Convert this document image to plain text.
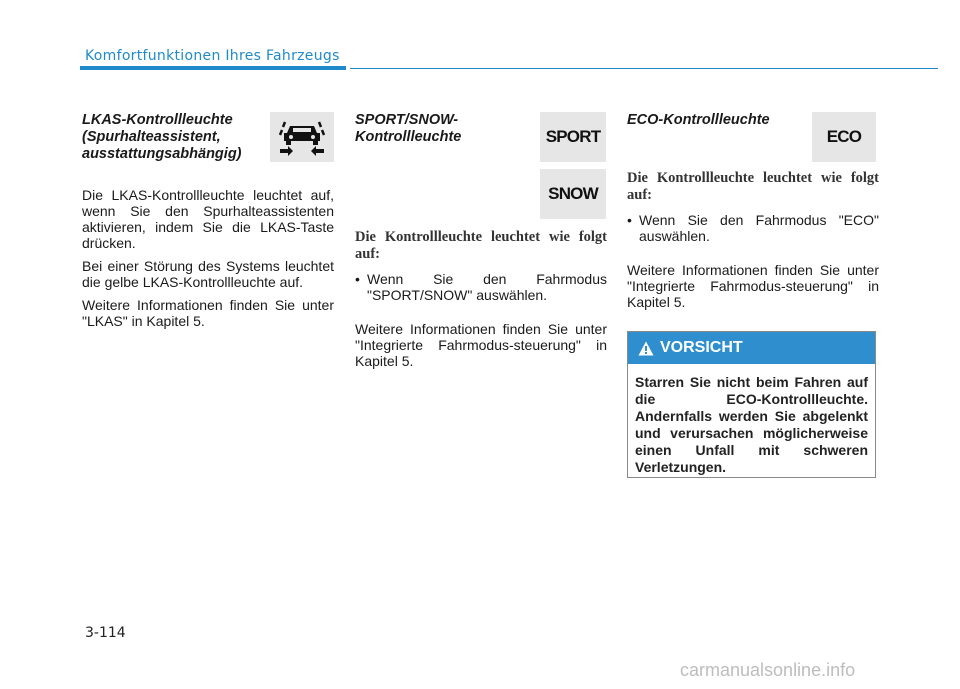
Komfortfunktionen Ihres Fahrzeugs
LKAS-Kontrollleuchte
(Spurhalteassistent,
ausstattungsabhängig)

Die LKAS-Kontrollleuchte leuchtet auf, wenn Sie den Spurhalteassistenten aktivieren, indem Sie die LKAS-Taste drücken.

Bei einer Störung des Systems leuchtet die gelbe LKAS-Kontrollleuchte auf.

Weitere Informationen finden Sie unter "LKAS" in Kapitel 5.

SPORT/SNOW-
Kontrollleuchte

Die Kontrollleuchte leuchtet wie folgt auf:

• Wenn Sie den Fahrmodus "SPORT/SNOW" auswählen.

Weitere Informationen finden Sie unter "Integrierte Fahrmodus-steuerung" in Kapitel 5.

SPORT
SNOW
ECO-Kontrollleuchte

Die Kontrollleuchte leuchtet wie folgt auf:

• Wenn Sie den Fahrmodus "ECO" auswählen.

Weitere Informationen finden Sie unter "Integrierte Fahrmodus-steuerung" in Kapitel 5.

ECO
VORSICHT
Starren Sie nicht beim Fahren auf die ECO-Kontrollleuchte. Andernfalls werden Sie abgelenkt und verursachen möglicherweise einen Unfall mit schweren Verletzungen.
3-114
carmanualsonline.info
